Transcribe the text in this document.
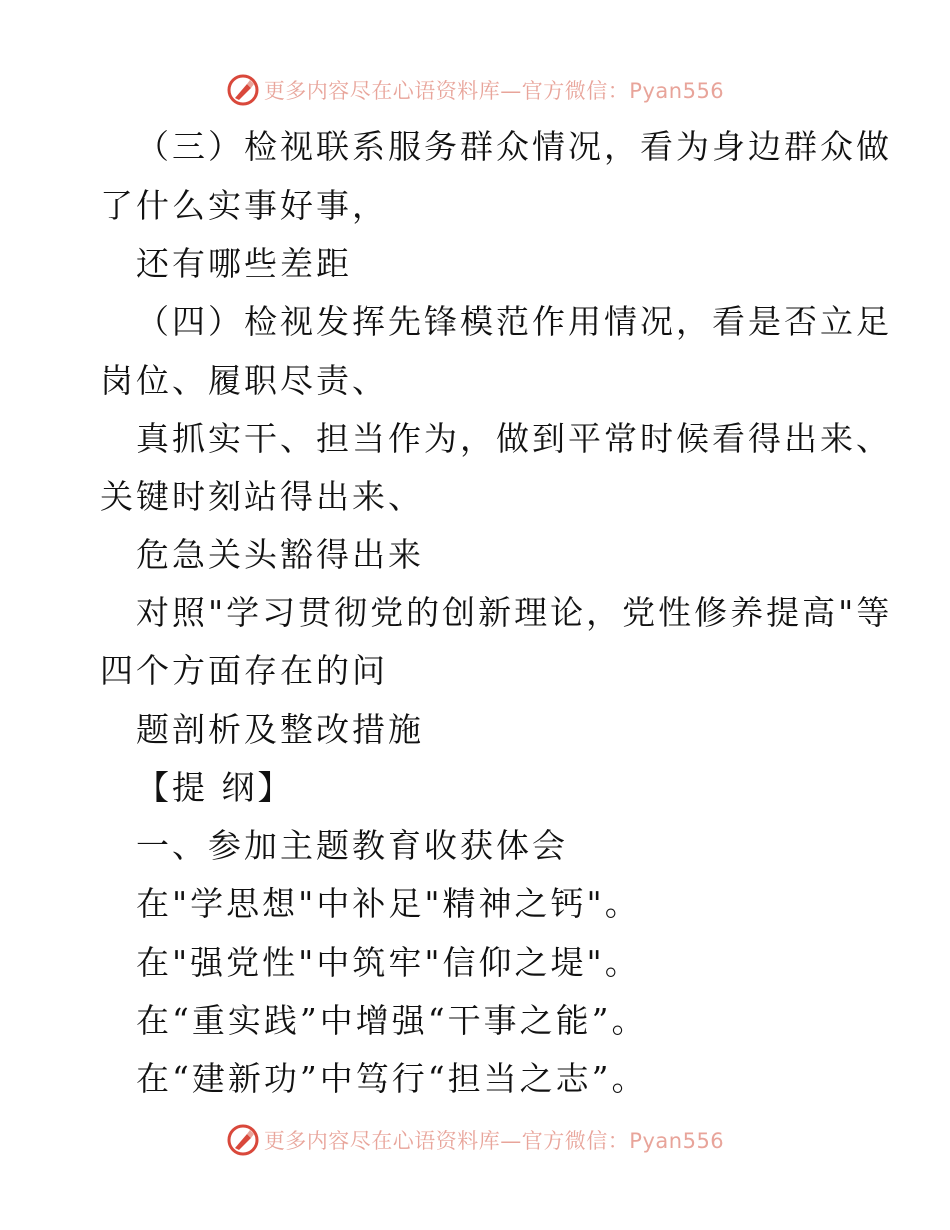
更多内容尽在心语资料库—官方微信：Pyan556
（三）检视联系服务群众情况，看为身边群众做
了什么实事好事，
还有哪些差距
（四）检视发挥先锋模范作用情况，看是否立足
岗位、履职尽责、
真抓实干、担当作为，做到平常时候看得出来、
关键时刻站得出来、
危急关头豁得出来
对照"学习贯彻党的创新理论，党性修养提高"等
四个方面存在的问
题剖析及整改措施
【提 纲】
一、参加主题教育收获体会
在"学思想"中补足"精神之钙"。
在"强党性"中筑牢"信仰之堤"。
在“重实践”中增强“干事之能”。
在“建新功”中笃行“担当之志”。
更多内容尽在心语资料库—官方微信：Pyan556
